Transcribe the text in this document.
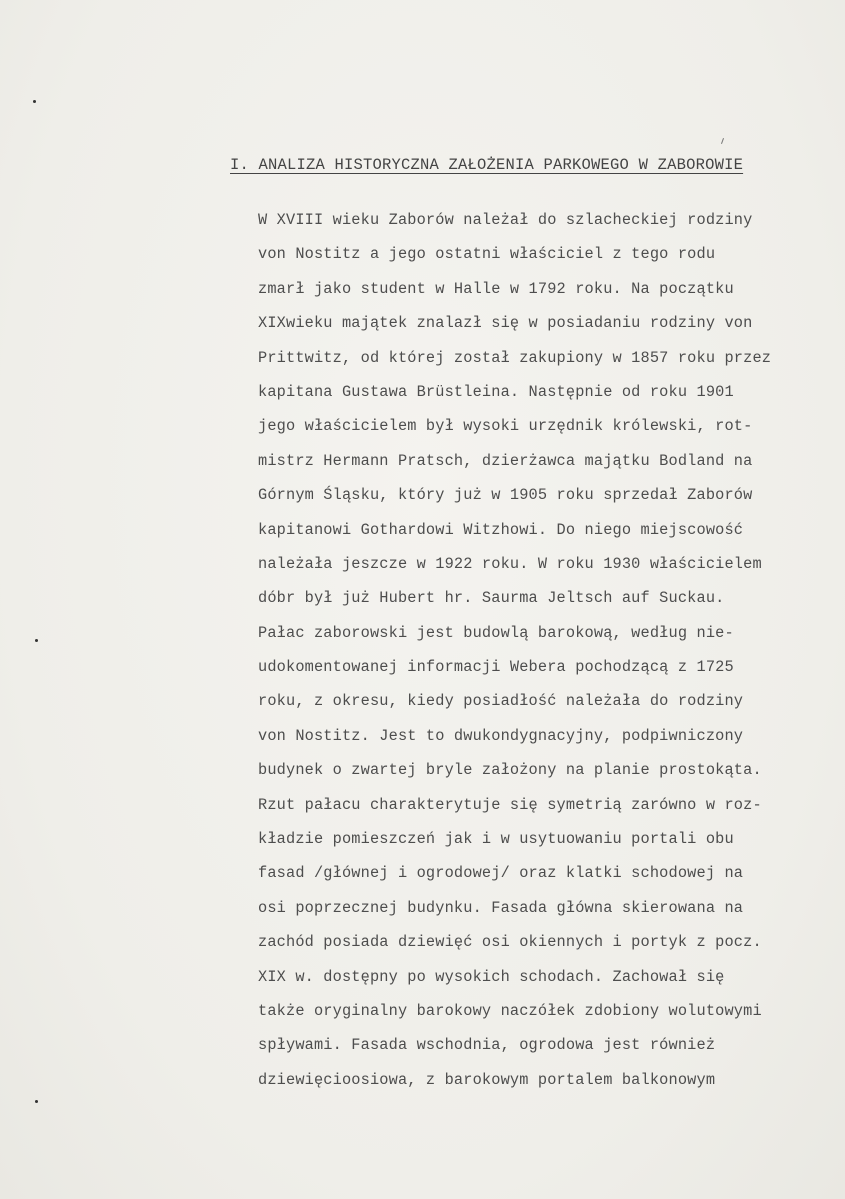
I. ANALIZA HISTORYCZNA ZAŁOŻENIA PARKOWEGO W ZABOROWIE
W XVIII wieku Zaborów należał do szlacheckiej rodziny
von Nostitz a jego ostatni właściciel z tego rodu
zmarł jako student w Halle w 1792 roku. Na początku
XIXwieku majątek znalazł się w posiadaniu rodziny von
Prittwitz, od której został zakupiony w 1857 roku przez
kapitana Gustawa Brüstleina. Następnie od roku 1901
jego właścicielem był wysoki urzędnik królewski, rot-
mistrz Hermann Pratsch, dzierżawca majątku Bodland na
Górnym Śląsku, który już w 1905 roku sprzedał Zaborów
kapitanowi Gothardowi Witzhowi. Do niego miejscowość
należała jeszcze w 1922 roku. W roku 1930 właścicielem
dóbr był już Hubert hr. Saurma Jeltsch auf Suckau.
Pałac zaborowski jest budowlą barokową, według nie-
udokomentowanej informacji Webera pochodzącą z 1725
roku, z okresu, kiedy posiadłość należała do rodziny
von Nostitz. Jest to dwukondygnacyjny, podpiwniczony
budynek o zwartej bryle założony na planie prostokąta.
Rzut pałacu charakterytuje się symetrią zarówno w roz-
kładzie pomieszczeń jak i w usytuowaniu portali obu
fasad /głównej i ogrodowej/ oraz klatki schodowej na
osi poprzecznej budynku. Fasada główna skierowana na
zachód posiada dziewięć osi okiennych i portyk z pocz.
XIX w. dostępny po wysokich schodach. Zachował się
także oryginalny barokowy naczółek zdobiony wolutowymi
spływami. Fasada wschodnia, ogrodowa jest również
dziewięcioosiowa, z barokowym portalem balkonowym
